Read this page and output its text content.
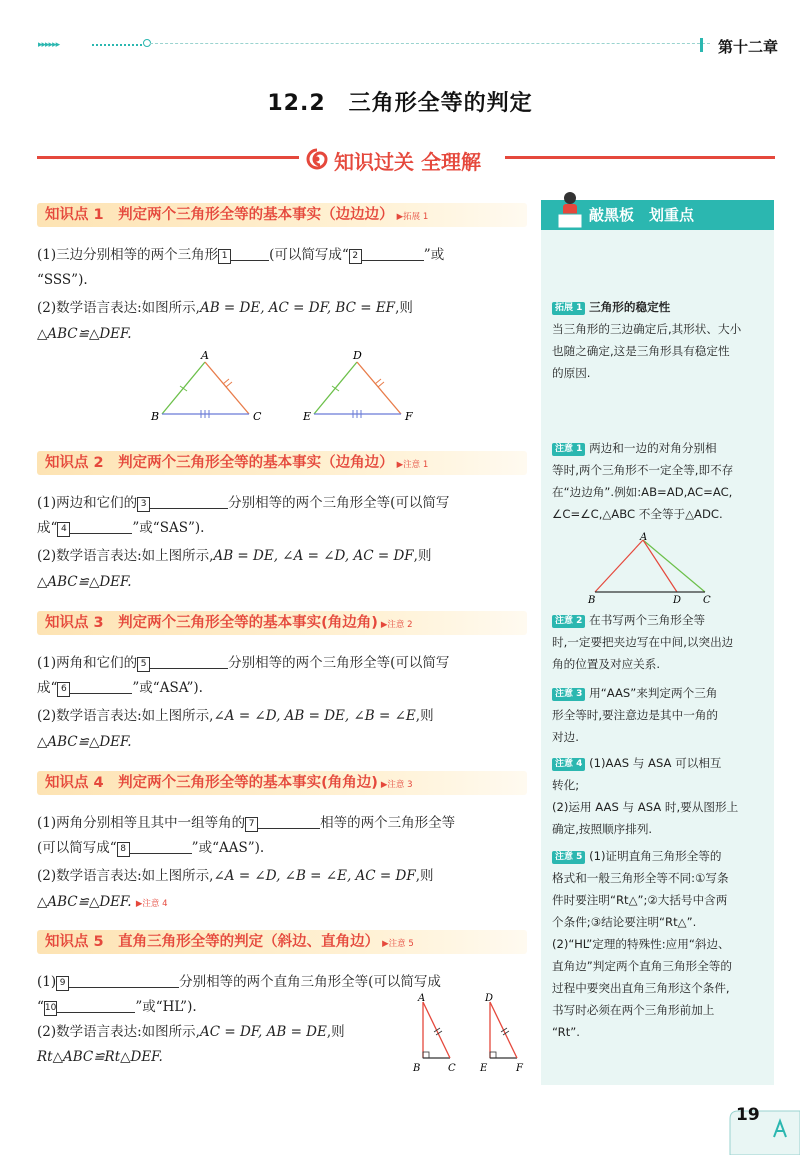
▸▸▸▸▸▸	第十二章
12.2　三角形全等的判定
知识过关 全理解
知识点 1　判定两个三角形全等的基本事实（边边边） ▶拓展 1
(1)三边分别相等的两个三角形 1	(可以简写成“ 2	”或
“SSS”).
(2)数学语言表达:如图所示,AB = DE, AC = DF, BC = EF,则
△ABC≌△DEF.
A
B	C
D
E	F
知识点 2　判定两个三角形全等的基本事实（边角边） ▶注意 1
(1)两边和它们的 3	分别相等的两个三角形全等(可以简写
成“ 4	”或“SAS”).
(2)数学语言表达:如上图所示,AB = DE, ∠A = ∠D, AC = DF,则
△ABC≌△DEF.
知识点 3　判定两个三角形全等的基本事实(角边角) ▶注意 2
(1)两角和它们的 5	分别相等的两个三角形全等(可以简写
成“ 6	”或“ASA”).
(2)数学语言表达:如上图所示,∠A = ∠D, AB = DE, ∠B = ∠E,则
△ABC≌△DEF.
知识点 4　判定两个三角形全等的基本事实(角角边) ▶注意 3
(1)两角分别相等且其中一组等角的 7	相等的两个三角形全等
(可以简写成“ 8	”或“AAS”).
(2)数学语言表达:如上图所示,∠A = ∠D, ∠B = ∠E, AC = DF,则
△ABC≌△DEF. ▶注意 4
知识点 5　直角三角形全等的判定（斜边、直角边） ▶注意 5
(1) 9	分别相等的两个直角三角形全等(可以简写成
“10	”或“HL”).
(2)数学语言表达:如图所示,AC = DF, AB = DE,则
Rt△ABC≌Rt△DEF.
A
B	C
D
E	F
敲黑板　划重点
拓展 1 三角形的稳定性
当三角形的三边确定后,其形状、大小
也随之确定,这是三角形具有稳定性
的原因.
注意 1 两边和一边的对角分别相
等时,两个三角形不一定全等,即不存
在“边边角”.例如:AB=AD,AC=AC,
∠C=∠C,△ABC 不全等于△ADC.
A
B	D C
注意 2 在书写两个三角形全等
时,一定要把夹边写在中间,以突出边
角的位置及对应关系.
注意 3 用“AAS”来判定两个三角
形全等时,要注意边是其中一角的
对边.
注意 4 (1)AAS 与 ASA 可以相互
转化;
(2)运用 AAS 与 ASA 时,要从图形上
确定,按照顺序排列.
注意 5 (1)证明直角三角形全等的
格式和一般三角形全等不同:①写条
件时要注明“Rt△”;②大括号中含两
个条件;③结论要注明“Rt△”.
(2)“HL”定理的特殊性:应用“斜边、
直角边”判定两个直角三角形全等的
过程中要突出直角三角形这个条件,
书写时必须在两个三角形前加上
“Rt”.
19
